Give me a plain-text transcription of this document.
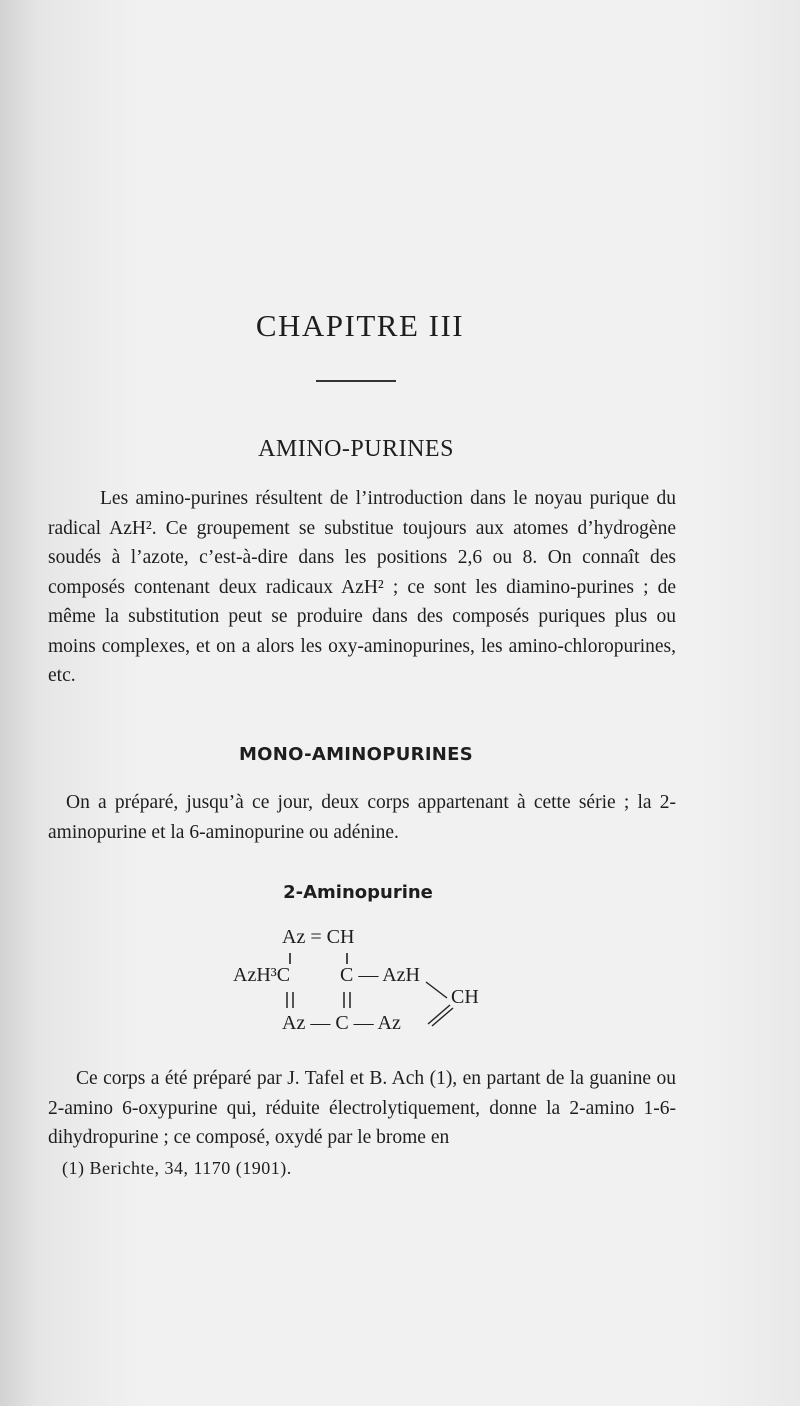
CHAPITRE III
AMINO-PURINES

Les amino-purines résultent de l’introduction dans le noyau purique du radical AzH². Ce groupement se substitue toujours aux atomes d’hydrogène soudés à l’azote, c’est-à-dire dans les positions 2,6 ou 8. On connaît des composés contenant deux radicaux AzH² ; ce sont les diamino-purines ; de même la substitution peut se produire dans des composés puriques plus ou moins complexes, et on a alors les oxy-aminopurines, les amino-chloropurines, etc.

MONO-AMINOPURINES

On a préparé, jusqu’à ce jour, deux corps appartenant à cette série ; la 2-aminopurine et la 6-aminopurine ou adénine.

2-Aminopurine
Az = CH
AzH³C C — AzH
CH
Az — C — Az

Ce corps a été préparé par J. Tafel et B. Ach (1), en partant de la guanine ou 2-amino 6-oxypurine qui, réduite électrolytiquement, donne la 2-amino 1-6-dihydropurine ; ce composé, oxydé par le brome en

(1) Berichte, 34, 1170 (1901).
